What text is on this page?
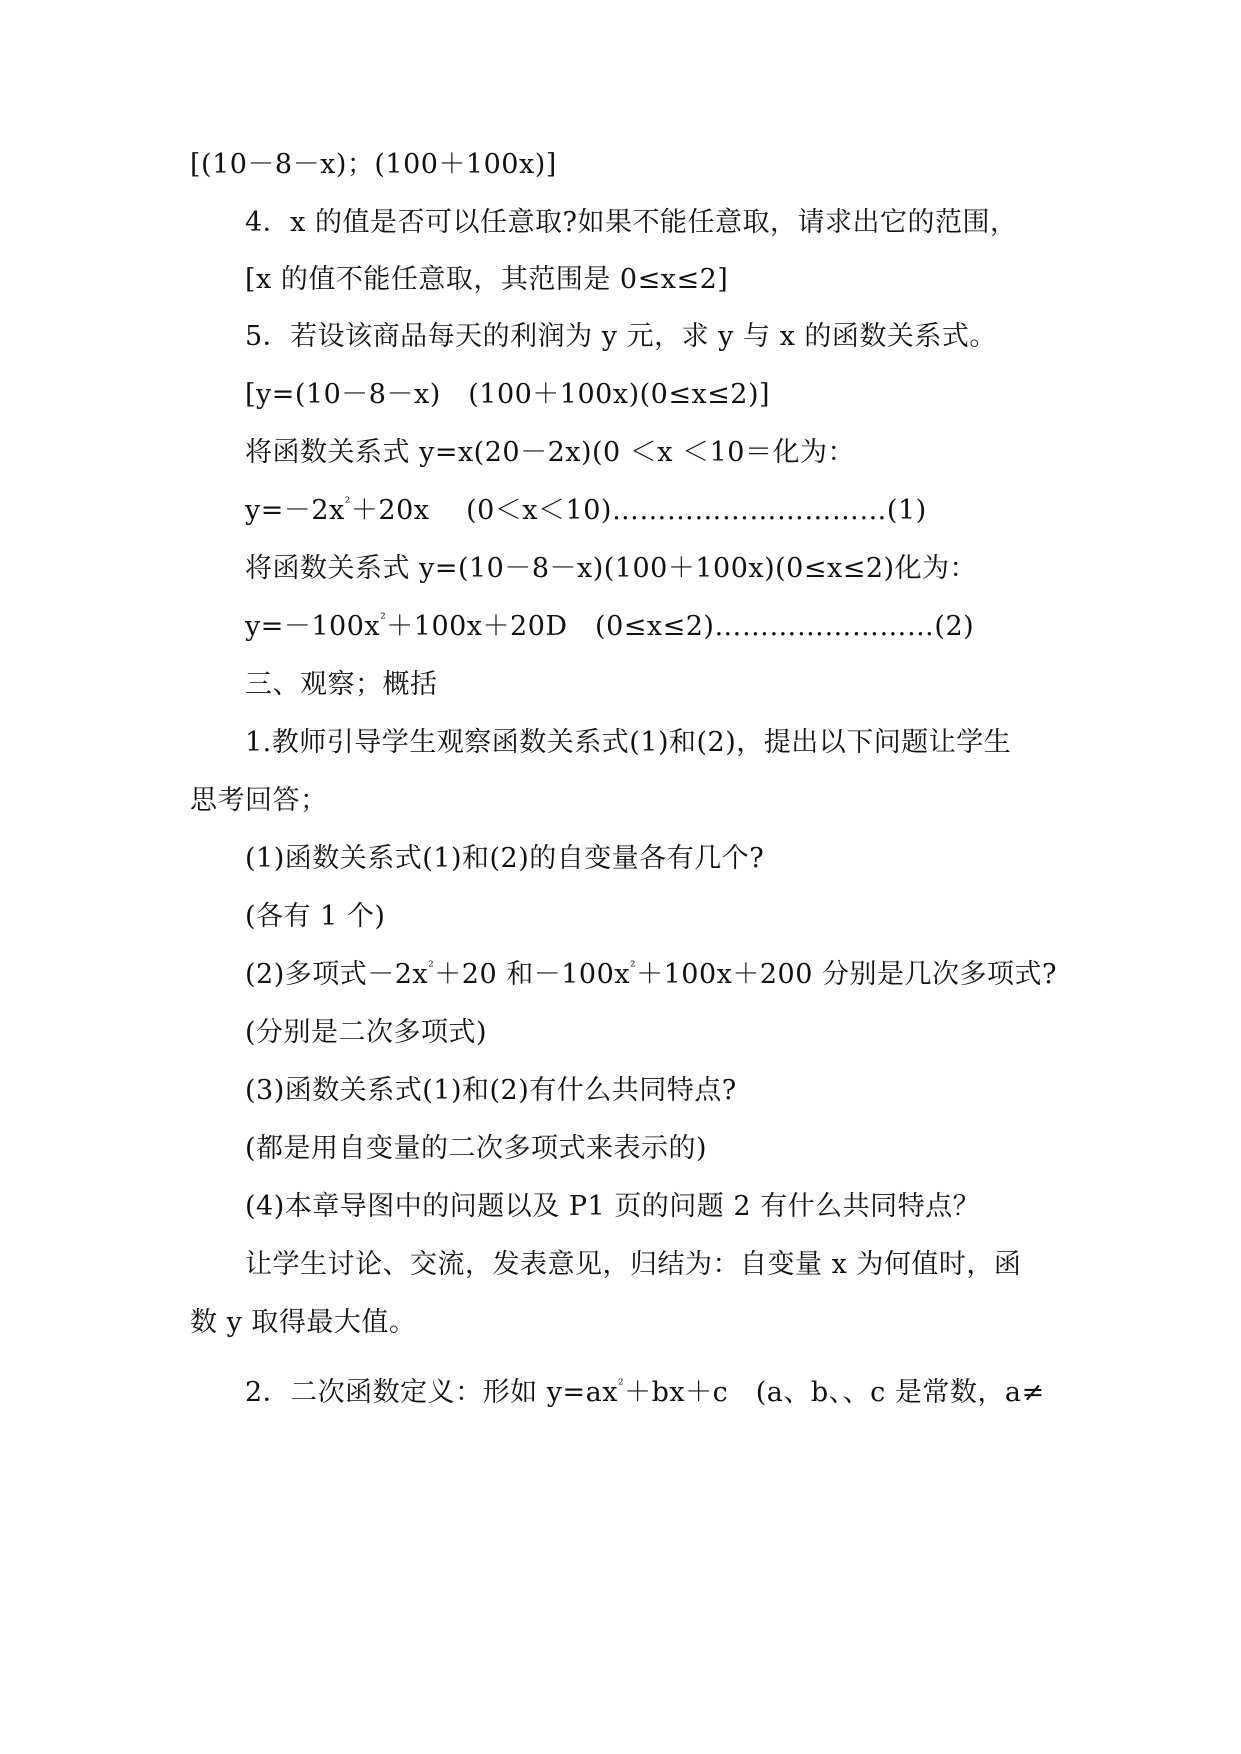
[(10－8－x)；(100＋100x)]
4．x 的值是否可以任意取?如果不能任意取，请求出它的范围，
[x 的值不能任意取，其范围是 0≤x≤2]
5．若设该商品每天的利润为 y 元，求 y 与 x 的函数关系式。
[y=(10－8－x)　(100＋100x)(0≤x≤2)]
将函数关系式 y=x(20－2x)(0 ＜x ＜10＝化为：
$y=-2x^{^2}+20x$　 (0＜x＜10)…………………………(1)
将函数关系式 y=(10－8－x)(100＋100x)(0≤x≤2)化为：
$y=-100x^{^2}+100x+20D$　(0≤x≤2)……………………(2)
三、观察；概括
1.教师引导学生观察函数关系式(1)和(2)，提出以下问题让学生
思考回答；
(1)函数关系式(1)和(2)的自变量各有几个?
(各有 1 个)
(2)多项式$-2x^{^2}+20$ 和$-100x^{^2}+100x+200$ 分别是几次多项式?
(分别是二次多项式)
(3)函数关系式(1)和(2)有什么共同特点?
(都是用自变量的二次多项式来表示的)
(4)本章导图中的问题以及 P1 页的问题 2 有什么共同特点？
让学生讨论、交流，发表意见，归结为：自变量 x 为何值时，函
数 y 取得最大值。
2．二次函数定义：形如 $y=ax^{^2}+bx+c$　(a、b、、c 是常数，a≠
